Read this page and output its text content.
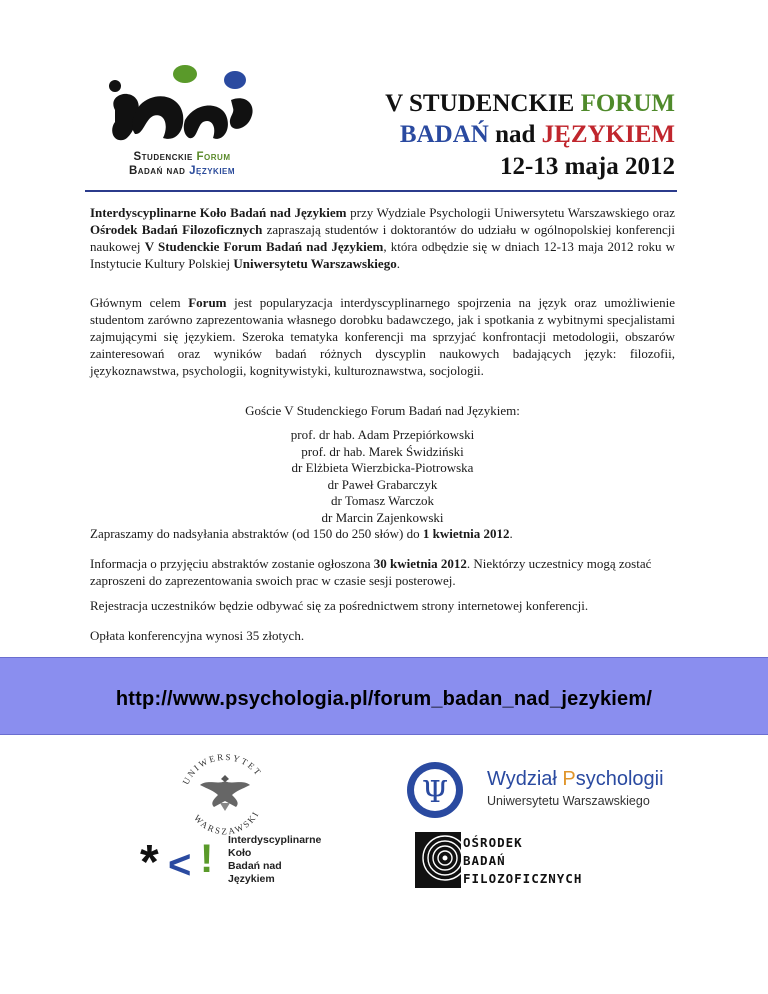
Studenckie Forum
Badań nad Językiem
V STUDENCKIE FORUM
BADAŃ nad JĘZYKIEM
12-13 maja 2012
Interdyscyplinarne Koło Badań nad Językiem przy Wydziale Psychologii Uniwersytetu Warszawskiego oraz Ośrodek Badań Filozoficznych zapraszają studentów i doktorantów do udziału w ogólnopolskiej konferencji naukowej V Studenckie Forum Badań nad Językiem, która odbędzie się w dniach 12-13 maja 2012 roku w Instytucie Kultury Polskiej Uniwersytetu Warszawskiego.
Głównym celem Forum jest popularyzacja interdyscyplinarnego spojrzenia na język oraz umożliwienie studentom zarówno zaprezentowania własnego dorobku badawczego, jak i spotkania z wybitnymi specjalistami zajmującymi się językiem. Szeroka tematyka konferencji ma sprzyjać konfrontacji metodologii, obszarów zainteresowań oraz wyników badań różnych dyscyplin naukowych badających język: filozofii, językoznawstwa, psychologii, kognitywistyki, kulturoznawstwa, socjologii.
Goście V Studenckiego Forum Badań nad Językiem:
prof. dr hab. Adam Przepiórkowski
prof. dr hab. Marek Świdziński
dr Elżbieta Wierzbicka-Piotrowska
dr Paweł Grabarczyk
dr Tomasz Warczok
dr Marcin Zajenkowski
Zapraszamy do nadsyłania abstraktów (od 150 do 250 słów) do 1 kwietnia 2012.
Informacja o przyjęciu abstraktów zostanie ogłoszona 30 kwietnia 2012. Niektórzy uczestnicy mogą zostać zaproszeni do zaprezentowania swoich prac w czasie sesji posterowej.
Rejestracja uczestników będzie odbywać się za pośrednictwem strony internetowej konferencji.
Opłata konferencyjna wynosi 35 złotych.
http://www.psychologia.pl/forum_badan_nad_jezykiem/
UNIWERSYTET
WARSZAWSKI
* < ! Interdyscyplinarne
Koło
Badań nad
Językiem
Ψ Wydział Psychologii
Uniwersytetu Warszawskiego
OŚRODEK
BADAŃ
FILOZOFICZNYCH
